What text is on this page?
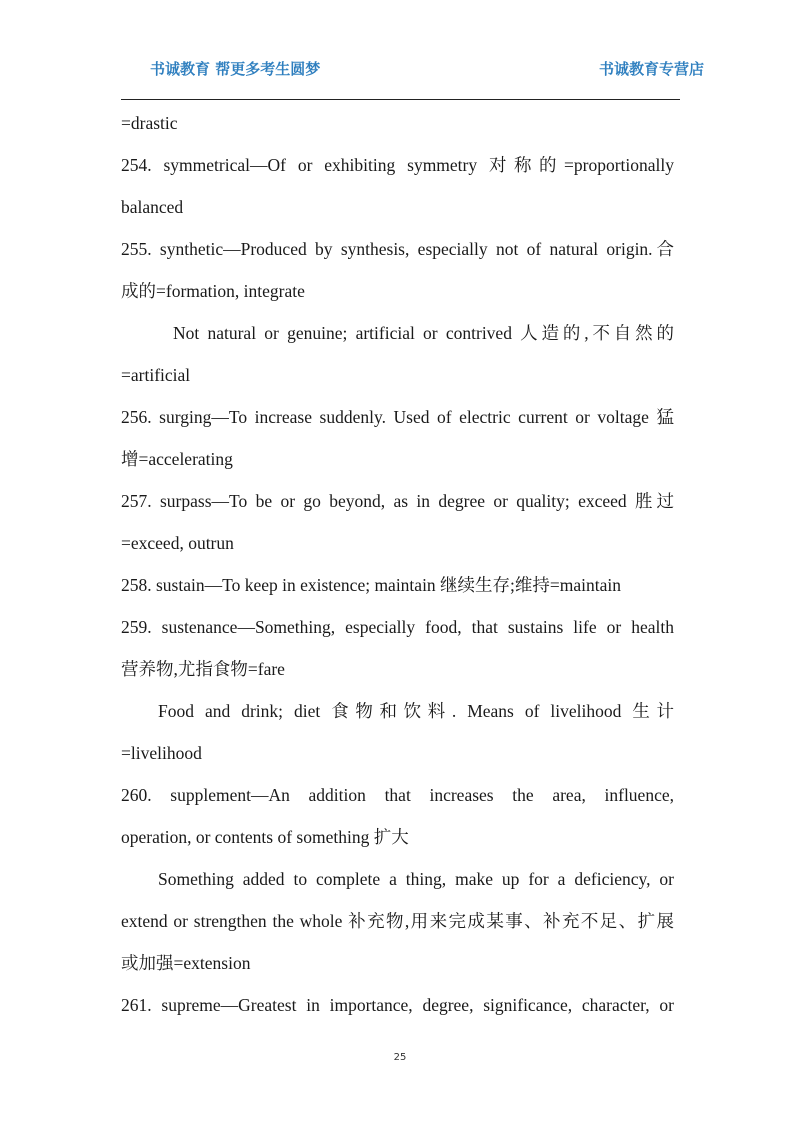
书诚教育 帮更多考生圆梦	书诚教育专营店
=drastic
254. symmetrical—Of or exhibiting symmetry 对称的=proportionally
balanced
255. synthetic—Produced by synthesis, especially not of natural origin.合
成的=formation, integrate
Not natural or genuine; artificial or contrived 人造的,不自然的
=artificial
256. surging—To increase suddenly. Used of electric current or voltage 猛
增=accelerating
257. surpass—To be or go beyond, as in degree or quality; exceed 胜过
=exceed, outrun
258. sustain—To keep in existence; maintain 继续生存;维持=maintain
259. sustenance—Something, especially food, that sustains life or health
营养物,尤指食物=fare
Food and drink; diet 食物和饮料. Means of livelihood 生计
=livelihood
260. supplement—An addition that increases the area, influence,
operation, or contents of something 扩大
Something added to complete a thing, make up for a deficiency, or
extend or strengthen the whole 补充物,用来完成某事、补充不足、扩展
或加强=extension
261. supreme—Greatest in importance, degree, significance, character, or
25
